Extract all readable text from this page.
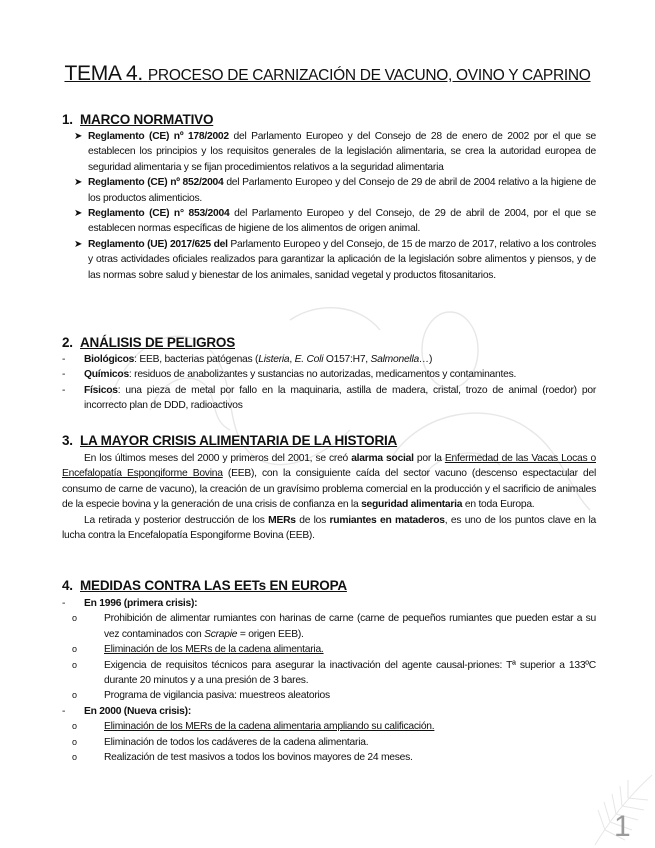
TEMA 4. PROCESO DE CARNIZACIÓN DE VACUNO, OVINO Y CAPRINO
1. MARCO NORMATIVO
➤ Reglamento (CE) nº 178/2002 del Parlamento Europeo y del Consejo de 28 de enero de 2002 por el que se establecen los principios y los requisitos generales de la legislación alimentaria, se crea la autoridad europea de seguridad alimentaria y se fijan procedimientos relativos a la seguridad alimentaria
➤ Reglamento (CE) nº 852/2004 del Parlamento Europeo y del Consejo de 29 de abril de 2004 relativo a la higiene de los productos alimenticios.
➤ Reglamento (CE) n° 853/2004 del Parlamento Europeo y del Consejo, de 29 de abril de 2004, por el que se establecen normas específicas de higiene de los alimentos de origen animal.
➤ Reglamento (UE) 2017/625 del Parlamento Europeo y del Consejo, de 15 de marzo de 2017, relativo a los controles y otras actividades oficiales realizados para garantizar la aplicación de la legislación sobre alimentos y piensos, y de las normas sobre salud y bienestar de los animales, sanidad vegetal y productos fitosanitarios.
2. ANÁLISIS DE PELIGROS
- Biológicos: EEB, bacterias patógenas (Listeria, E. Coli O157:H7, Salmonella…)
- Químicos: residuos de anabolizantes y sustancias no autorizadas, medicamentos y contaminantes.
- Físicos: una pieza de metal por fallo en la maquinaria, astilla de madera, cristal, trozo de animal (roedor) por incorrecto plan de DDD, radioactivos
3. LA MAYOR CRISIS ALIMENTARIA DE LA HISTORIA
En los últimos meses del 2000 y primeros del 2001, se creó alarma social por la Enfermedad de las Vacas Locas o Encefalopatía Espongiforme Bovina (EEB), con la consiguiente caída del sector vacuno (descenso espectacular del consumo de carne de vacuno), la creación de un gravísimo problema comercial en la producción y el sacrificio de animales de la especie bovina y la generación de una crisis de confianza en la seguridad alimentaria en toda Europa.
La retirada y posterior destrucción de los MERs de los rumiantes en mataderos, es uno de los puntos clave en la lucha contra la Encefalopatía Espongiforme Bovina (EEB).
4. MEDIDAS CONTRA LAS EETs EN EUROPA
- En 1996 (primera crisis):
o	Prohibición de alimentar rumiantes con harinas de carne (carne de pequeños rumiantes que pueden estar a su vez contaminados con Scrapie = origen EEB).
o	Eliminación de los MERs de la cadena alimentaria.
o	Exigencia de requisitos técnicos para asegurar la inactivación del agente causal-priones: Tª superior a 133ºC durante 20 minutos y a una presión de 3 bares.
o	Programa de vigilancia pasiva: muestreos aleatorios
- En 2000 (Nueva crisis):
o	Eliminación de los MERs de la cadena alimentaria ampliando su calificación.
o	Eliminación de todos los cadáveres de la cadena alimentaria.
o	Realización de test masivos a todos los bovinos mayores de 24 meses.
1
